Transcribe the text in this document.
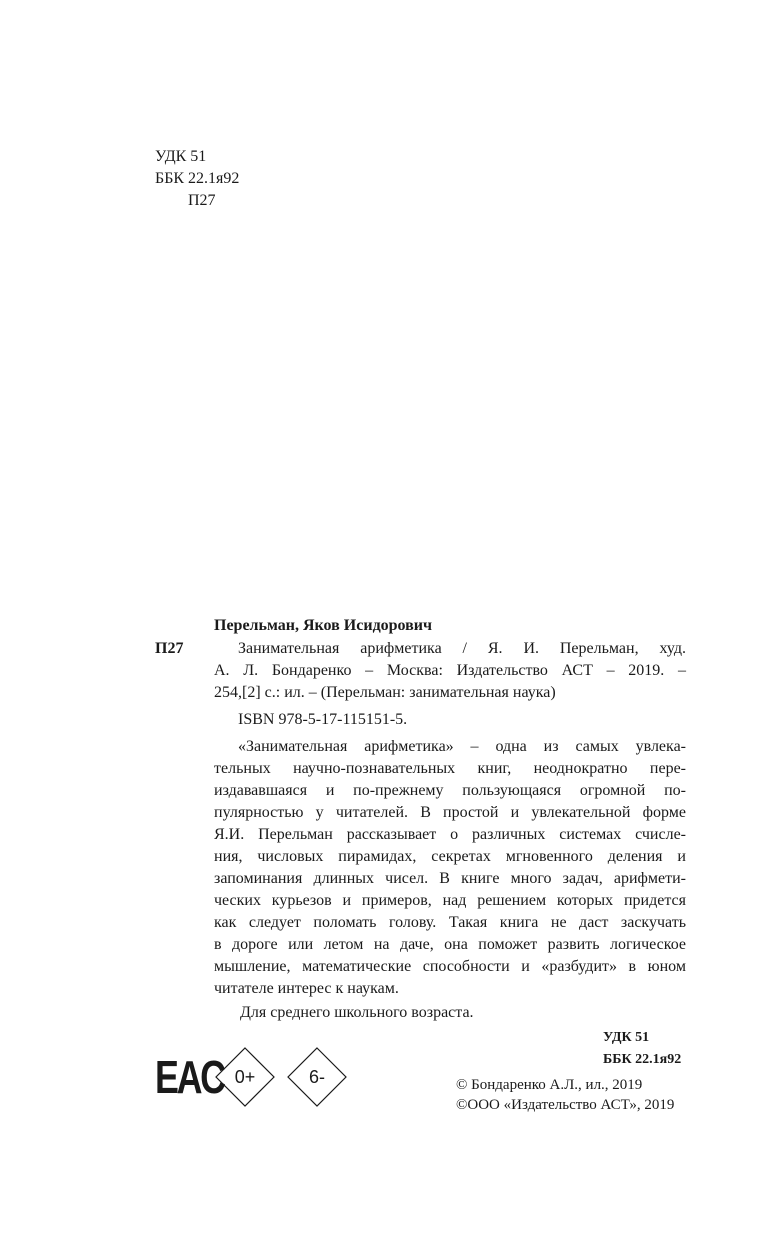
УДК 51
ББК 22.1я92
П27
Перельман, Яков Исидорович
П27	Занимательная арифметика / Я. И. Перельман, худ.
А. Л. Бондаренко – Москва: Издательство АСТ – 2019. –
254,[2] с.: ил. – (Перельман: занимательная наука)
ISBN 978-5-17-115151-5.
«Занимательная арифметика» – одна из самых увлека-
тельных научно-познавательных книг, неоднократно пере-
издававшаяся и по-прежнему пользующаяся огромной по-
пулярностью у читателей. В простой и увлекательной форме
Я.И. Перельман рассказывает о различных системах счисле-
ния, числовых пирамидах, секретах мгновенного деления и
запоминания длинных чисел. В книге много задач, арифмети-
ческих курьезов и примеров, над решением которых придется
как следует поломать голову. Такая книга не даст заскучать
в дороге или летом на даче, она поможет развить логическое
мышление, математические способности и «разбудит» в юном
читателе интерес к наукам.
Для среднего школьного возраста.
УДК 51
ББК 22.1я92
EAC 0+	6-	© Бондаренко А.Л., ил., 2019
©ООО «Издательство АСТ», 2019
